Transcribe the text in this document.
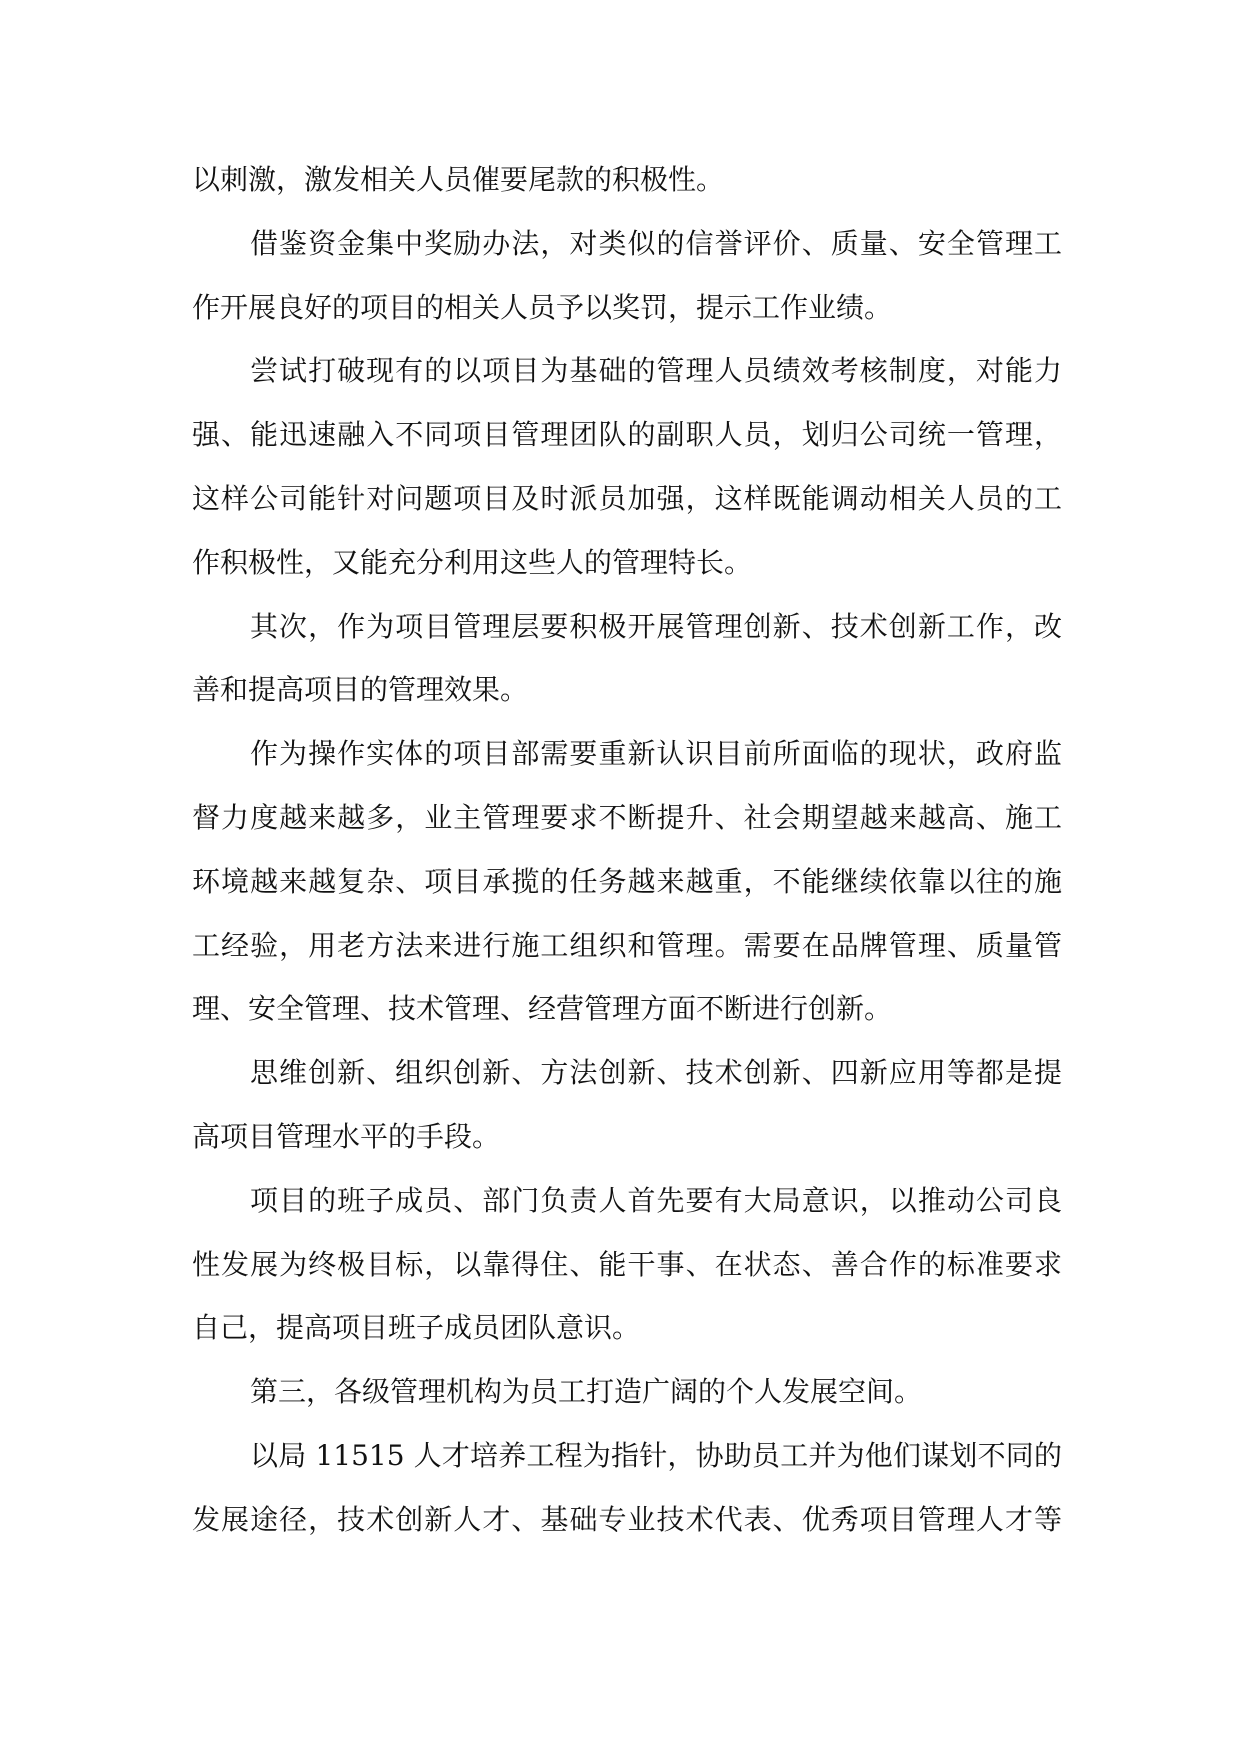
以刺激，激发相关人员催要尾款的积极性。
借鉴资金集中奖励办法，对类似的信誉评价、质量、安全管理工
作开展良好的项目的相关人员予以奖罚，提示工作业绩。
尝试打破现有的以项目为基础的管理人员绩效考核制度，对能力
强、能迅速融入不同项目管理团队的副职人员，划归公司统一管理，
这样公司能针对问题项目及时派员加强，这样既能调动相关人员的工
作积极性，又能充分利用这些人的管理特长。
其次，作为项目管理层要积极开展管理创新、技术创新工作，改
善和提高项目的管理效果。
作为操作实体的项目部需要重新认识目前所面临的现状，政府监
督力度越来越多，业主管理要求不断提升、社会期望越来越高、施工
环境越来越复杂、项目承揽的任务越来越重，不能继续依靠以往的施
工经验，用老方法来进行施工组织和管理。需要在品牌管理、质量管
理、安全管理、技术管理、经营管理方面不断进行创新。
思维创新、组织创新、方法创新、技术创新、四新应用等都是提
高项目管理水平的手段。
项目的班子成员、部门负责人首先要有大局意识，以推动公司良
性发展为终极目标，以靠得住、能干事、在状态、善合作的标准要求
自己，提高项目班子成员团队意识。
第三，各级管理机构为员工打造广阔的个人发展空间。
以局 11515 人才培养工程为指针，协助员工并为他们谋划不同的
发展途径，技术创新人才、基础专业技术代表、优秀项目管理人才等
